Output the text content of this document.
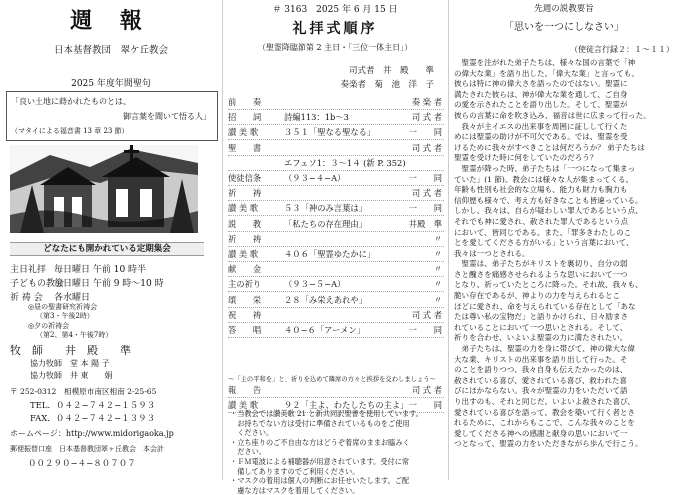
週 報
日本基督教団　翠ケ丘教会
2025 年度年間聖句
「良い土地に蒔かれたものとは、
御言葉を聞いて悟る人」
（マタイによる福音書 13 章 23 節）
どなたにも開かれている定期集会
主日礼拝 毎日曜日 午前 10 時半
子どもの教会毎日曜日 午前 9 時〜10 時
祈 祷 会 各水曜日
◎昼の聖書研究祈祷会
（第3・午後2時）
◎夕の祈祷会
（第2、第4・午後7時）
牧　師　　 井　殿　　準
協力牧師　 堂 本 陽 子
協力牧師　 井 東　　娟
〒 252-0312　相模原市南区相南 2-25-65
TEL．０４２−７４２−１５９３
FAX．０４２−７４２−１３９３
ホームページ：http://www.midorigaoka.jp
郵便振替口座　日本基督教団翠ヶ丘教会　本会計
００２９０−４−８０７０７
＃ 3163　2025 年 6 月 15 日
礼拝式順序
（聖霊降臨節第 2 主日・「三位一体主日」）
司式者　 井　殿　　準
奏楽者　 菊　池　洋　子
前　　奏	奏 楽 者
招　　詞	詩編113：1b〜3	司 式 者
讃 美 歌	３５１「聖なる聖なる」	一　　同
聖　　書	司 式 者
エフェソ1：３〜1４ (新 P. 352)
使徒信条	（９３−４−A）	一　　同
祈　　祷	司 式 者
讃 美 歌	５３「神のみ言葉は」	一　　同
説　　教	「私たちの存在理由」	井殿　準
祈　　祷	〃
讃 美 歌	４０６「聖霊ゆたかに」	〃
献　　金	〃
主の祈り	（９３−５−A）	〃
頌　　栄	２８「み栄えあれや」	〃
祝　　祷	司 式 者
答　　唱	４０−６「アーメン」	一　　同
〜「主の平和を」と、祈りを込めて隣席の方々と挨拶を交わしましょう〜
報　　告	司 式 者
讃 美 歌	９２「主よ、わたしたちの主よ」 一　　同
・当教会では讃美歌 21 と新共同訳聖書を使用しています。
　お持ちでない方は受付に準備されているものをご使用
　ください。
・立ち座りのご不自由な方はどうぞ着席のままお臨みく
　ださい。
・ＦＭ電波による補聴器が用意されています。受付に常
　備してありますのでご利用ください。
・マスクの着用は個人の判断にお任せいたします。ご配
　慮な方はマスクを着用してください。
先週の説教要旨
「思いを一つにしなさい」
（使徒言行録２：１〜１１）
　聖霊を注がれた弟子たちは、様々な国の言葉で「神
の偉大な業」を語り出した。「偉大な業」と言っても、
彼らは特に神の偉大さを語ったのではない。聖霊に
満たされた彼らは、神が偉大な業を通して、ご自身
の愛を示されたことを語り出した。そして、聖霊が
彼らの言葉に命を吹き込み、福音は世に広まって行った。
　我々が主イエスの出来事を周囲に証しして行くた
めには聖霊の助けが不可欠である。では、聖霊を受
けるために我々がすべきことは何だろうか？ 弟子たちは
聖霊を受けた時に何をしていたのだろう？
　聖霊が降った時、弟子たちは「一つになって集まっ
ていた」(1 節)。教会には様々な人が集まってくる。
年齢も性別も社会的な立場も、能力も財力も胸力も
信仰歴も様々で、考え方も好きなことも皆違っている。
しかし、我々は、自らが疑わしい罪人であるという点、
それでも神に愛され、赦された罪人であるという点
において、皆同じである。また、｢罪多きわたしのこ
とを愛してくださる方がいる｣ という言葉において、
我々は一つとされる。
　聖霊は、弟子たちがキリストを裏切り、自分の弱
さと醜さを痛感させられるような思いにおいて一つ
となり、祈っていたところに降った。それ故、我々も、
脆い存在であるが、神よりの力を与えられるとこ
ほどに愛され、命を与えられている存在として「あな
たは尊い私の宝物だ」と語りかけられ、日々励まさ
れていることにおいて一つ思いとされる。そして、
祈りを合わせ、いよいよ聖霊の力に満たされたい。
　弟子たちは、聖霊の力を身に帯びて、神の偉大な偉
大な業、キリストの出来事を語り出して行った。そ
のことを語りつつ、我々自身も伝えたかったのは、
赦されている喜び、愛されている喜び、救われた喜
びにほかならない。我々が聖霊の力をいただいて語
り出すのも、それと同じだ。いよいよ赦された喜び、
愛されている喜びを語って、教会を築いて行く者とさ
れるために、これからもここで、こんな我々のことを
愛してくださる神への感謝と献身の思いにおいて一
つとなって、聖霊の力をいただきながら歩んで行こう。
